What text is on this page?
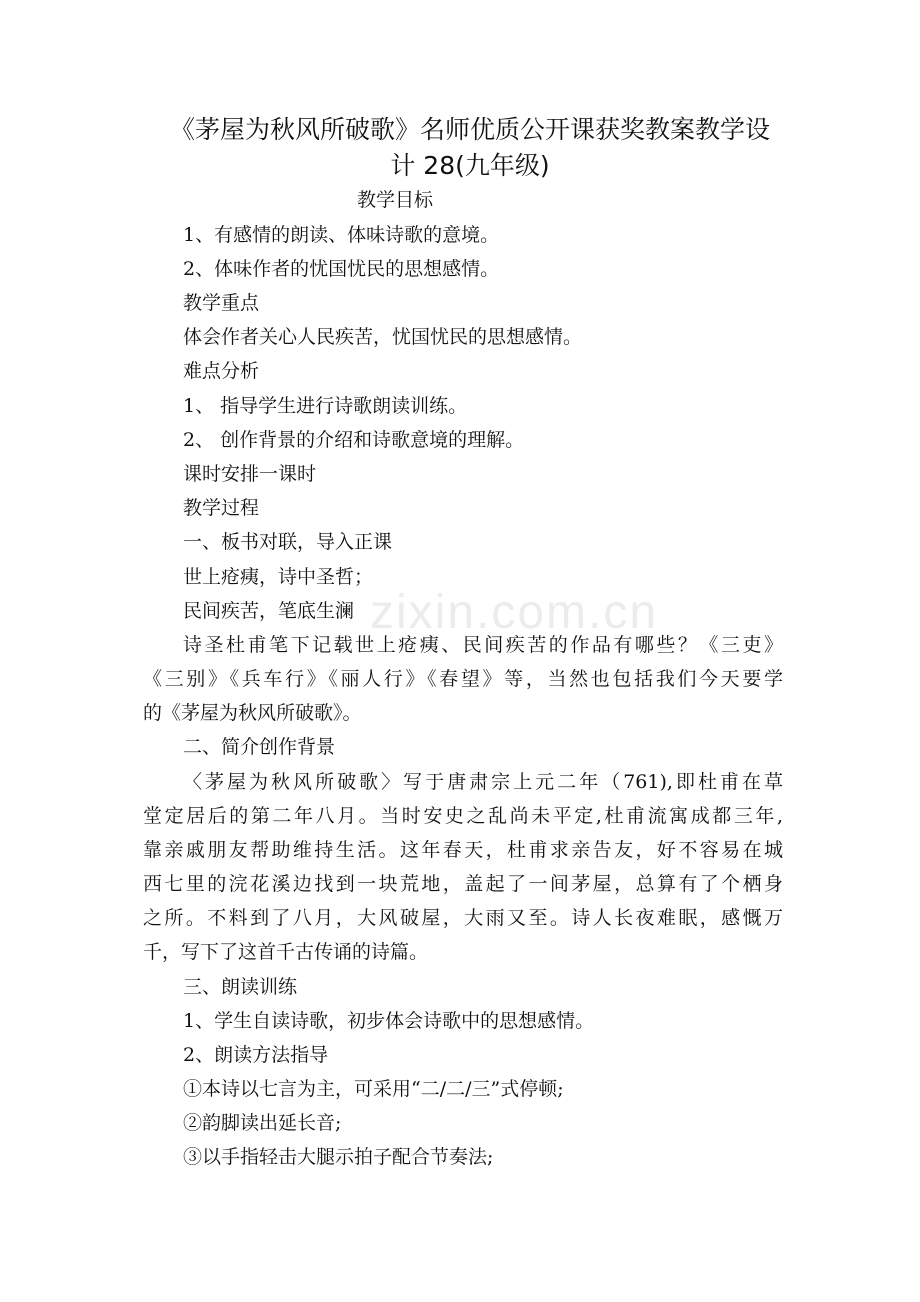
zixin.com.cn
《茅屋为秋风所破歌》名师优质公开课获奖教案教学设
计 28(九年级)
教学目标
1、有感情的朗读、体味诗歌的意境。
2、体味作者的忧国忧民的思想感情。
教学重点
体会作者关心人民疾苦，忧国忧民的思想感情。
难点分析
1、 指导学生进行诗歌朗读训练。
2、 创作背景的介绍和诗歌意境的理解。
课时安排一课时
教学过程
一、板书对联，导入正课
世上疮痍，诗中圣哲；
民间疾苦，笔底生澜
诗圣杜甫笔下记载世上疮痍、民间疾苦的作品有哪些？《三吏》
《三别》《兵车行》《丽人行》《春望》等，当然也包括我们今天要学
的《茅屋为秋风所破歌》。
二、简介创作背景
〈茅屋为秋风所破歌〉写于唐肃宗上元二年（761),即杜甫在草
堂定居后的第二年八月。当时安史之乱尚未平定,杜甫流寓成都三年,
靠亲戚朋友帮助维持生活。这年春天，杜甫求亲告友，好不容易在城
西七里的浣花溪边找到一块荒地，盖起了一间茅屋，总算有了个栖身
之所。不料到了八月，大风破屋，大雨又至。诗人长夜难眠，感慨万
千，写下了这首千古传诵的诗篇。
三、朗读训练
1、学生自读诗歌，初步体会诗歌中的思想感情。
2、朗读方法指导
①本诗以七言为主，可采用“二/二/三”式停顿;
②韵脚读出延长音;
③以手指轻击大腿示拍子配合节奏法;
